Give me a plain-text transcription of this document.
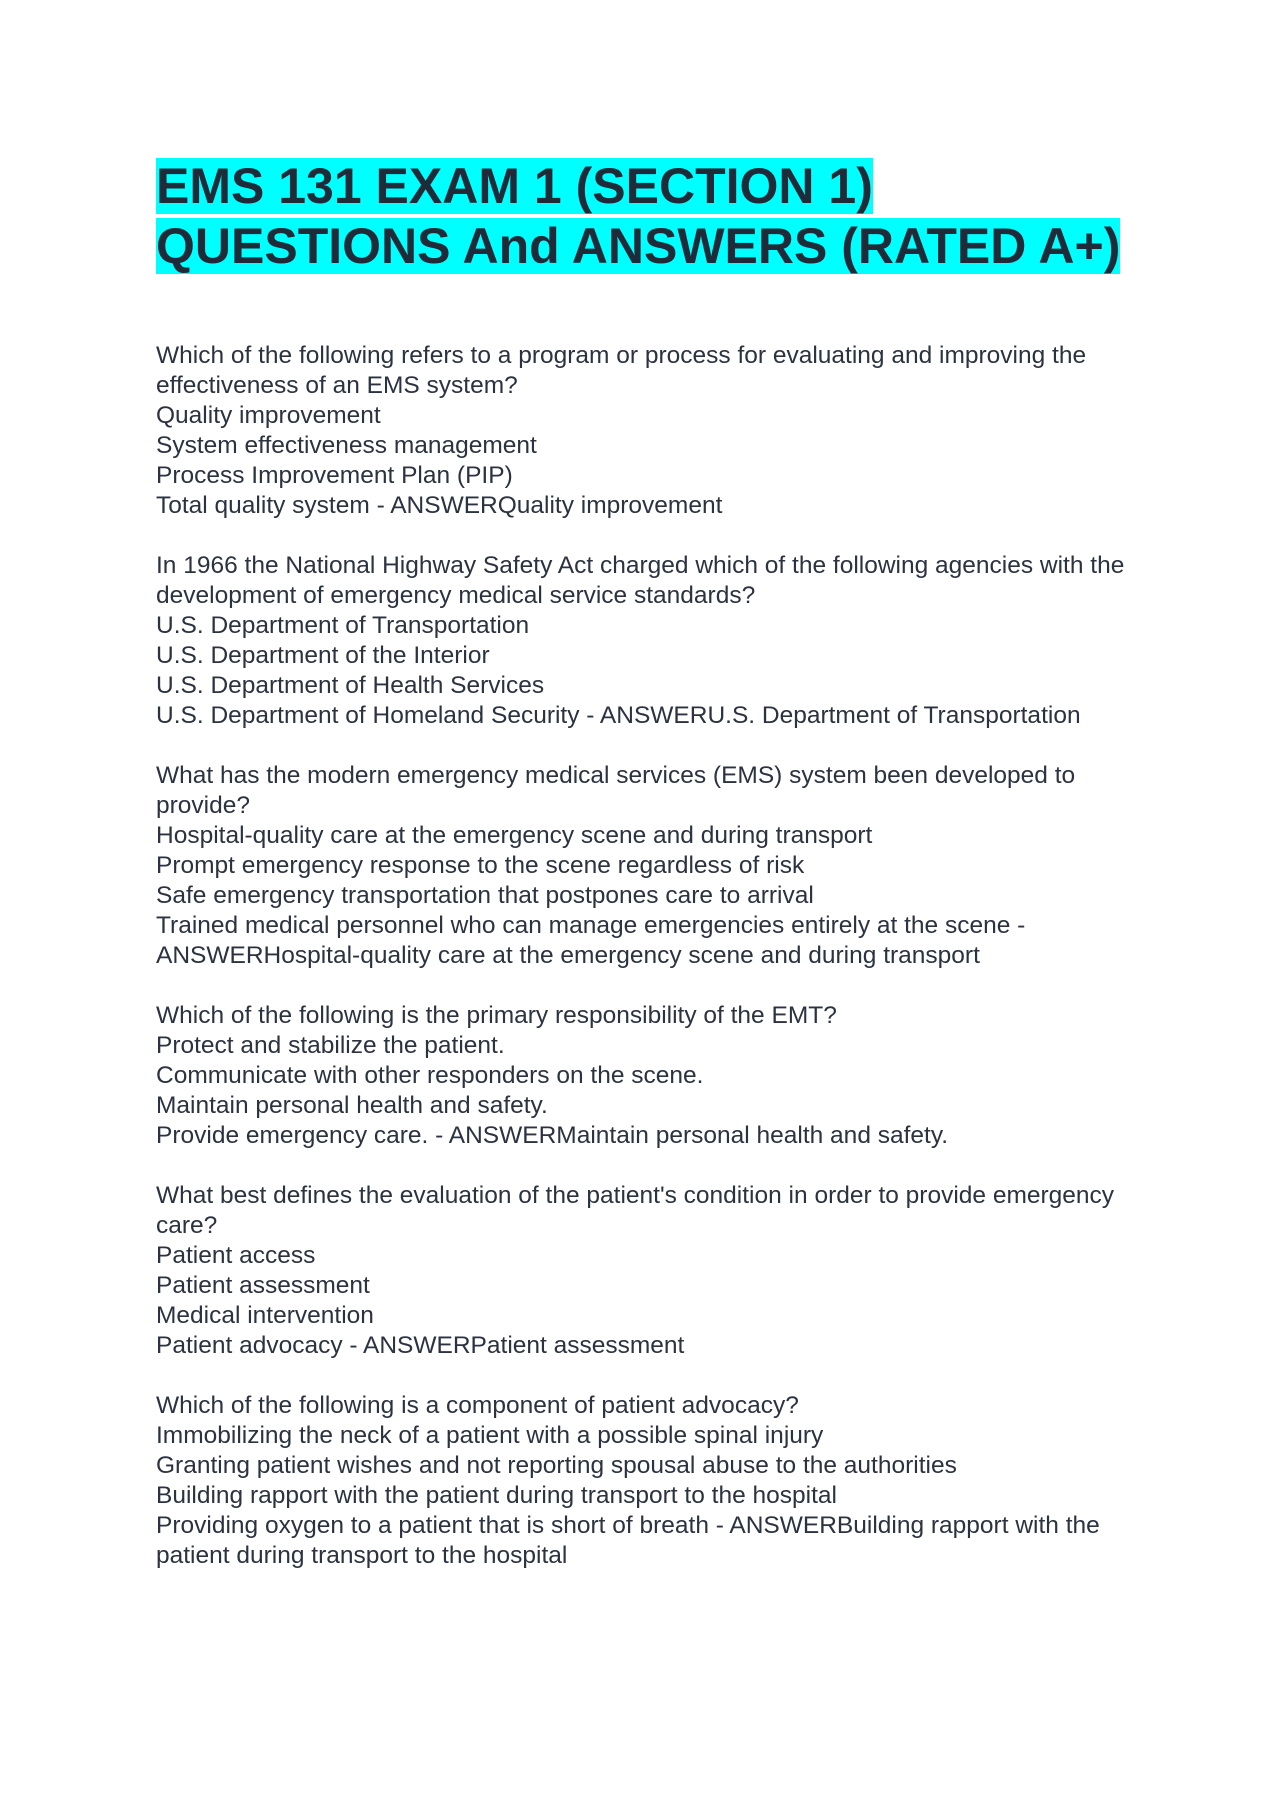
EMS 131 EXAM 1 (SECTION 1) QUESTIONS And ANSWERS (RATED A+)
Which of the following refers to a program or process for evaluating and improving the effectiveness of an EMS system?
Quality improvement
System effectiveness management
Process Improvement Plan (PIP)
Total quality system - ANSWERQuality improvement
In 1966 the National Highway Safety Act charged which of the following agencies with the development of emergency medical service standards?
U.S. Department of Transportation
U.S. Department of the Interior
U.S. Department of Health Services
U.S. Department of Homeland Security - ANSWERU.S. Department of Transportation
What has the modern emergency medical services (EMS) system been developed to provide?
Hospital-quality care at the emergency scene and during transport
Prompt emergency response to the scene regardless of risk
Safe emergency transportation that postpones care to arrival
Trained medical personnel who can manage emergencies entirely at the scene - ANSWERHospital-quality care at the emergency scene and during transport
Which of the following is the primary responsibility of the EMT?
Protect and stabilize the patient.
Communicate with other responders on the scene.
Maintain personal health and safety.
Provide emergency care. - ANSWERMaintain personal health and safety.
What best defines the evaluation of the patient's condition in order to provide emergency care?
Patient access
Patient assessment
Medical intervention
Patient advocacy - ANSWERPatient assessment
Which of the following is a component of patient advocacy?
Immobilizing the neck of a patient with a possible spinal injury
Granting patient wishes and not reporting spousal abuse to the authorities
Building rapport with the patient during transport to the hospital
Providing oxygen to a patient that is short of breath - ANSWERBuilding rapport with the patient during transport to the hospital
